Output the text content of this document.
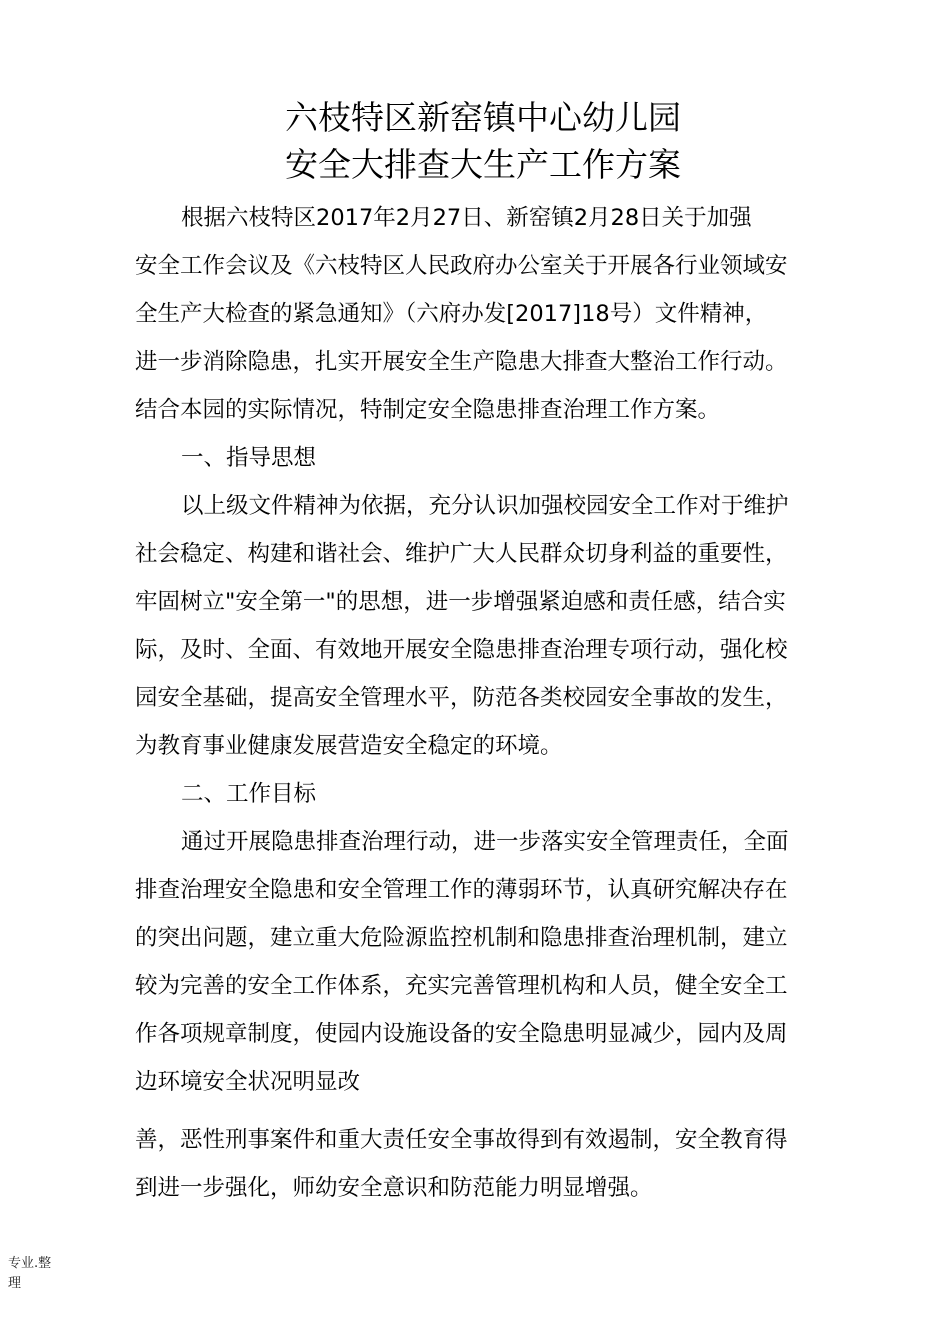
六枝特区新窑镇中心幼儿园
安全大排查大生产工作方案
根据六枝特区2017年2月27日、新窑镇2月28日关于加强
安全工作会议及《六枝特区人民政府办公室关于开展各行业领域安
全生产大检查的紧急通知》（六府办发[2017]18号）文件精神，
进一步消除隐患，扎实开展安全生产隐患大排查大整治工作行动。
结合本园的实际情况，特制定安全隐患排查治理工作方案。
一、指导思想
以上级文件精神为依据，充分认识加强校园安全工作对于维护
社会稳定、构建和谐社会、维护广大人民群众切身利益的重要性，
牢固树立"安全第一"的思想，进一步增强紧迫感和责任感，结合实
际，及时、全面、有效地开展安全隐患排查治理专项行动，强化校
园安全基础，提高安全管理水平，防范各类校园安全事故的发生，
为教育事业健康发展营造安全稳定的环境。
二、工作目标
通过开展隐患排查治理行动，进一步落实安全管理责任，全面
排查治理安全隐患和安全管理工作的薄弱环节，认真研究解决存在
的突出问题，建立重大危险源监控机制和隐患排查治理机制，建立
较为完善的安全工作体系，充实完善管理机构和人员，健全安全工
作各项规章制度，使园内设施设备的安全隐患明显减少，园内及周
边环境安全状况明显改
善，恶性刑事案件和重大责任安全事故得到有效遏制，安全教育得
到进一步强化，师幼安全意识和防范能力明显增强。
专业.整
理
